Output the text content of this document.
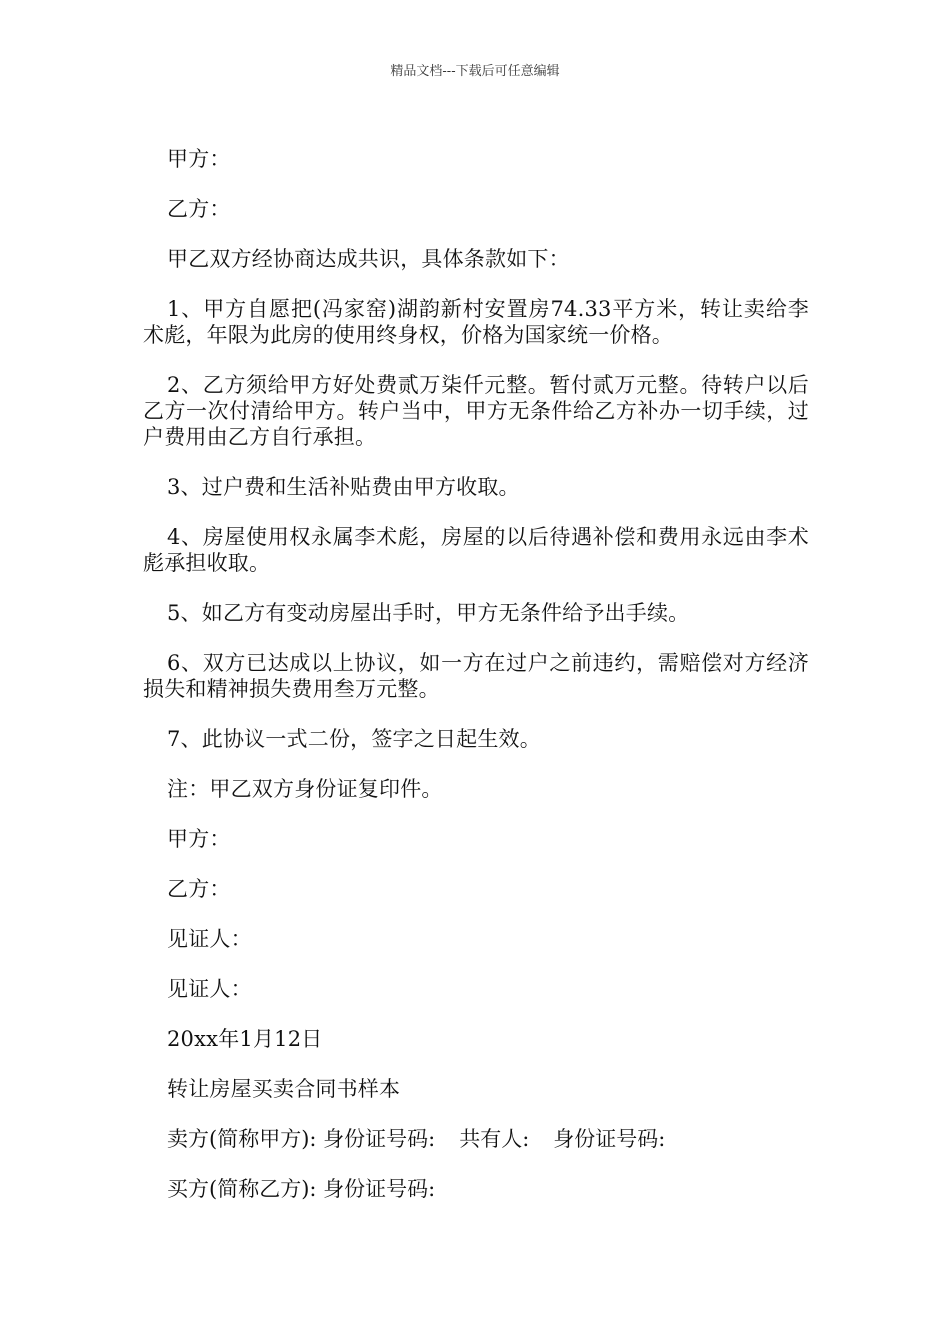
精品文档---下载后可任意编辑

甲方：

乙方：

甲乙双方经协商达成共识，具体条款如下：

1、甲方自愿把(冯家窑)湖韵新村安置房74.33平方米，转让卖给李术彪，年限为此房的使用终身权，价格为国家统一价格。

2、乙方须给甲方好处费贰万柒仟元整。暂付贰万元整。待转户以后乙方一次付清给甲方。转户当中，甲方无条件给乙方补办一切手续，过户费用由乙方自行承担。

3、过户费和生活补贴费由甲方收取。

4、房屋使用权永属李术彪，房屋的以后待遇补偿和费用永远由李术彪承担收取。

5、如乙方有变动房屋出手时，甲方无条件给予出手续。

6、双方已达成以上协议，如一方在过户之前违约，需赔偿对方经济损失和精神损失费用叁万元整。

7、此协议一式二份，签字之日起生效。

注：甲乙双方身份证复印件。

甲方：

乙方：

见证人：

见证人：

20xx年1月12日

转让房屋买卖合同书样本

卖方(简称甲方): 身份证号码: 共有人: 身份证号码:
买方(简称乙方): 身份证号码:
